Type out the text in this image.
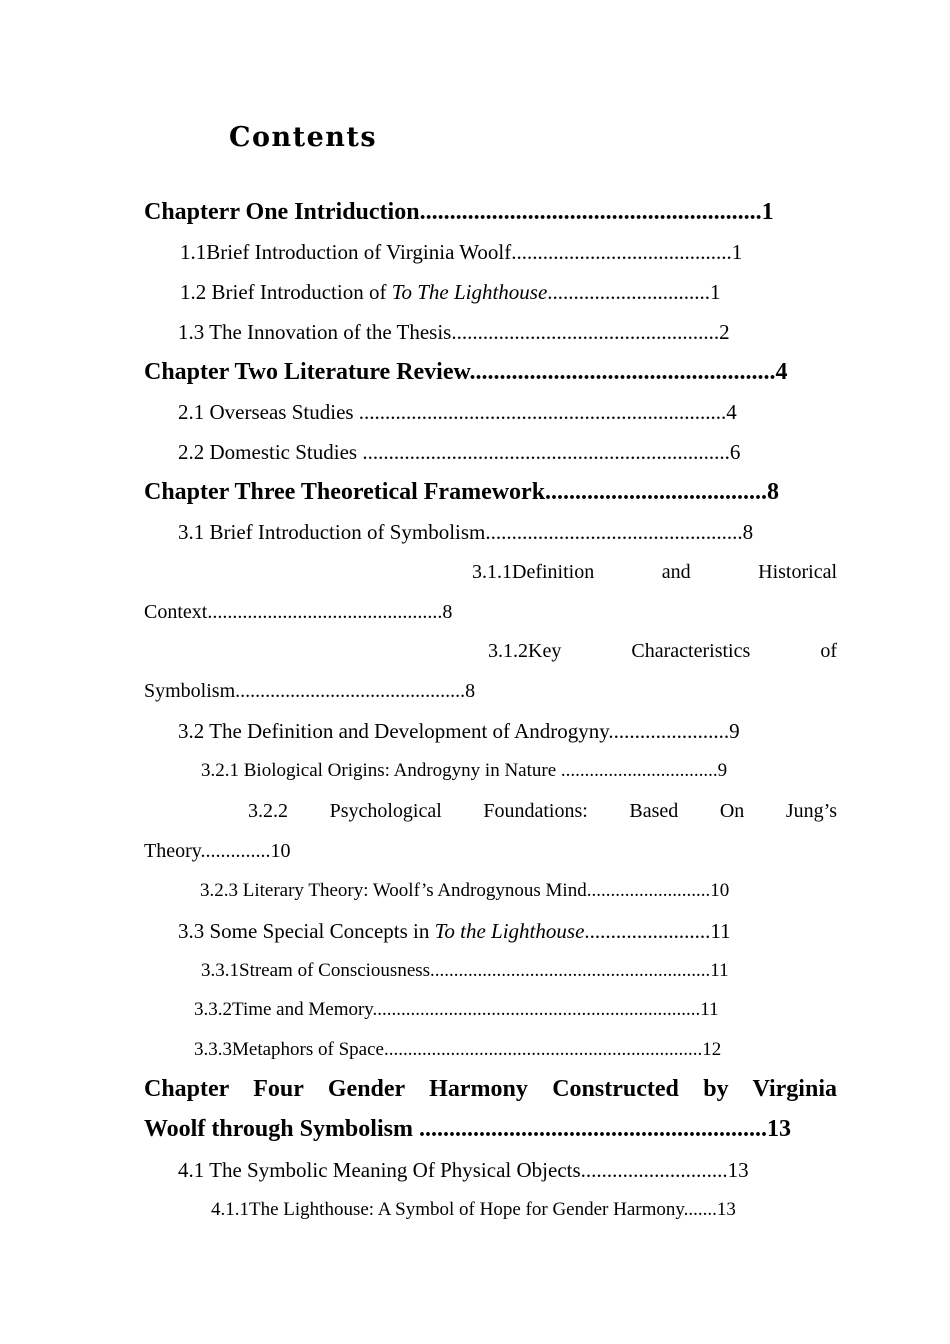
Contents
Chapterr One Intriduction.........................................................1
1.1Brief Introduction of Virginia Woolf..........................................1
1.2 Brief Introduction of To The Lighthouse...............................1
1.3 The Innovation of the Thesis...................................................2
Chapter Two Literature Review...................................................4
2.1 Overseas Studies ......................................................................4
2.2 Domestic Studies ......................................................................6
Chapter Three Theoretical Framework.....................................8
3.1 Brief Introduction of Symbolism.................................................8
3.1.1Definition and Historical
Context...............................................8
3.1.2Key Characteristics of
Symbolism..............................................8
3.2 The Definition and Development of Androgyny.......................9
3.2.1 Biological Origins: Androgyny in Nature .................................9
3.2.2 Psychological Foundations: Based On Jung’s
Theory..............10
3.2.3 Literary Theory: Woolf’s Androgynous Mind..........................10
3.3 Some Special Concepts in To the Lighthouse........................11
3.3.1Stream of Consciousness...........................................................11
3.3.2Time and Memory.....................................................................11
3.3.3Metaphors of Space...................................................................12
Chapter Four Gender Harmony Constructed by Virginia
Woolf through Symbolism ..........................................................13
4.1 The Symbolic Meaning Of Physical Objects............................13
4.1.1The Lighthouse: A Symbol of Hope for Gender Harmony.......13
